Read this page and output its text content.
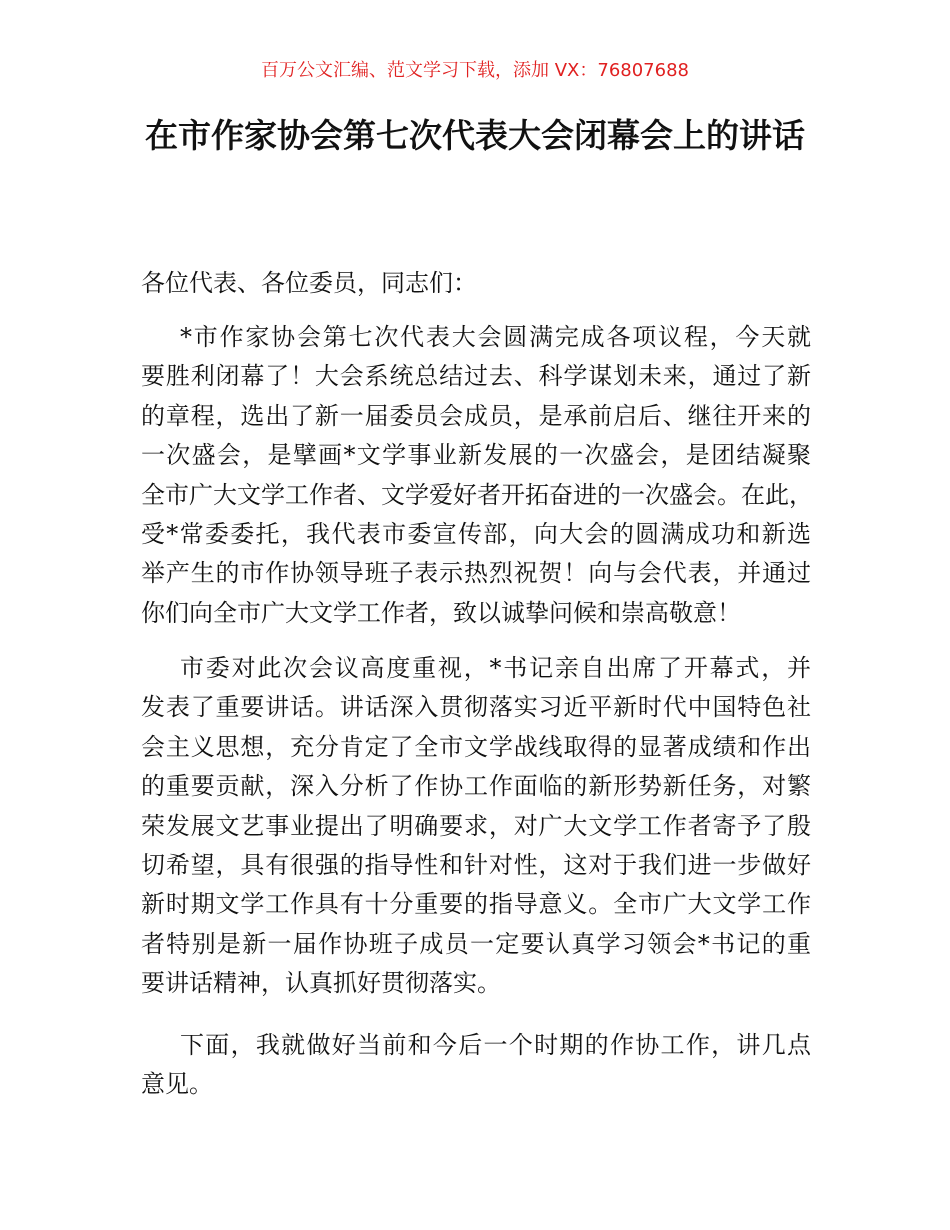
百万公文汇编、范文学习下载，添加 VX：76807688
在市作家协会第七次代表大会闭幕会上的讲话
各位代表、各位委员，同志们：
*市作家协会第七次代表大会圆满完成各项议程，今天就
要胜利闭幕了！大会系统总结过去、科学谋划未来，通过了新
的章程，选出了新一届委员会成员，是承前启后、继往开来的
一次盛会，是擘画*文学事业新发展的一次盛会，是团结凝聚
全市广大文学工作者、文学爱好者开拓奋进的一次盛会。在此，
受*常委委托，我代表市委宣传部，向大会的圆满成功和新选
举产生的市作协领导班子表示热烈祝贺！向与会代表，并通过
你们向全市广大文学工作者，致以诚挚问候和崇高敬意！
市委对此次会议高度重视，*书记亲自出席了开幕式，并
发表了重要讲话。讲话深入贯彻落实习近平新时代中国特色社
会主义思想，充分肯定了全市文学战线取得的显著成绩和作出
的重要贡献，深入分析了作协工作面临的新形势新任务，对繁
荣发展文艺事业提出了明确要求，对广大文学工作者寄予了殷
切希望，具有很强的指导性和针对性，这对于我们进一步做好
新时期文学工作具有十分重要的指导意义。全市广大文学工作
者特别是新一届作协班子成员一定要认真学习领会*书记的重
要讲话精神，认真抓好贯彻落实。
下面，我就做好当前和今后一个时期的作协工作，讲几点
意见。
